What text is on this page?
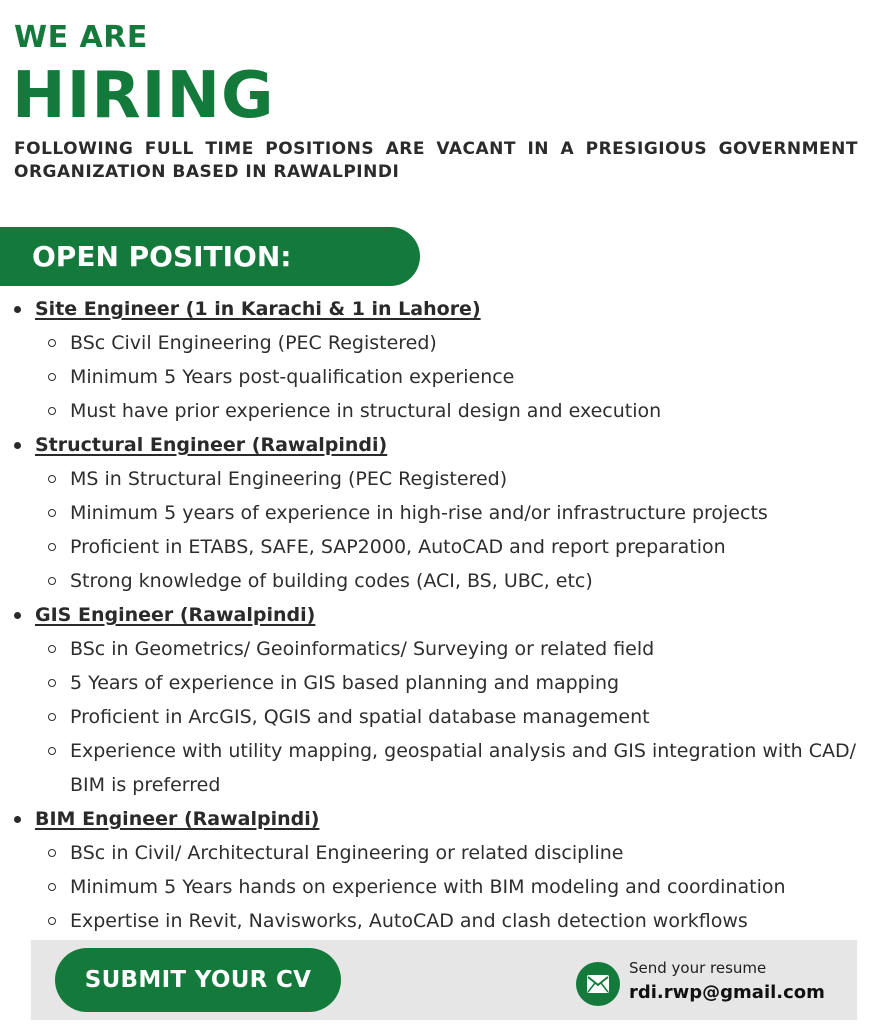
WE ARE
HIRING
FOLLOWING FULL TIME POSITIONS ARE VACANT IN A PRESIGIOUS GOVERNMENT ORGANIZATION BASED IN RAWALPINDI
OPEN POSITION:
Site Engineer (1 in Karachi & 1 in Lahore)
BSc Civil Engineering (PEC Registered)
Minimum 5 Years post-qualification experience
Must have prior experience in structural design and execution
Structural Engineer (Rawalpindi)
MS in Structural Engineering (PEC Registered)
Minimum 5 years of experience in high-rise and/or infrastructure projects
Proficient in ETABS, SAFE, SAP2000, AutoCAD and report preparation
Strong knowledge of building codes (ACI, BS, UBC, etc)
GIS Engineer (Rawalpindi)
BSc in Geometrics/ Geoinformatics/ Surveying or related field
5 Years of experience in GIS based planning and mapping
Proficient in ArcGIS, QGIS and spatial database management
Experience with utility mapping, geospatial analysis and GIS integration with CAD/ BIM is preferred
BIM Engineer (Rawalpindi)
BSc in Civil/ Architectural Engineering or related discipline
Minimum 5 Years hands on experience with BIM modeling and coordination
Expertise in Revit, Navisworks, AutoCAD and clash detection workflows
SUBMIT YOUR CV	Send your resume
rdi.rwp@gmail.com
